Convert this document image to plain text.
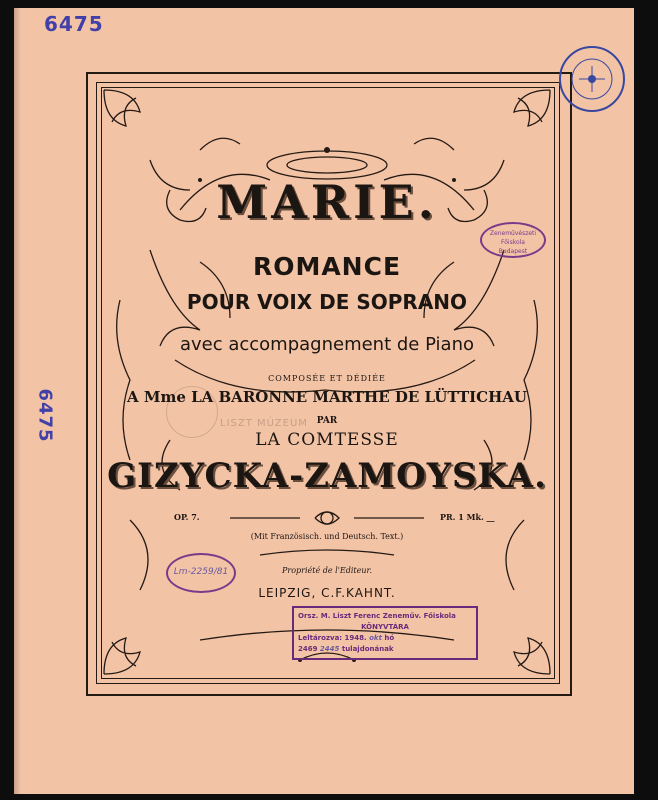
6475
6475	LISZT MÚZEUM
MARIE.
ROMANCE
POUR VOIX DE SOPRANO
avec accompagnement de Piano
COMPOSÉE ET DÉDIÉE
A Mme LA BARONNE MARTHE DE LÜTTICHAU
PAR
LA COMTESSE
GIZYCKA-ZAMOYSKA.
OP. 7.	PR. 1 Mk. __
(Mit Französisch. und Deutsch. Text.)
Propriété de l'Editeur.
LEIPZIG, C.F.KAHNT.
Zeneművészeti
Főiskola
Budapest
Lm-2259/81
Orsz. M. Liszt Ferenc Zeneműv. Főiskola
KÖNYVTÁRA
Leltározva: 1948. okt hó
2469 2445 tulajdonának
